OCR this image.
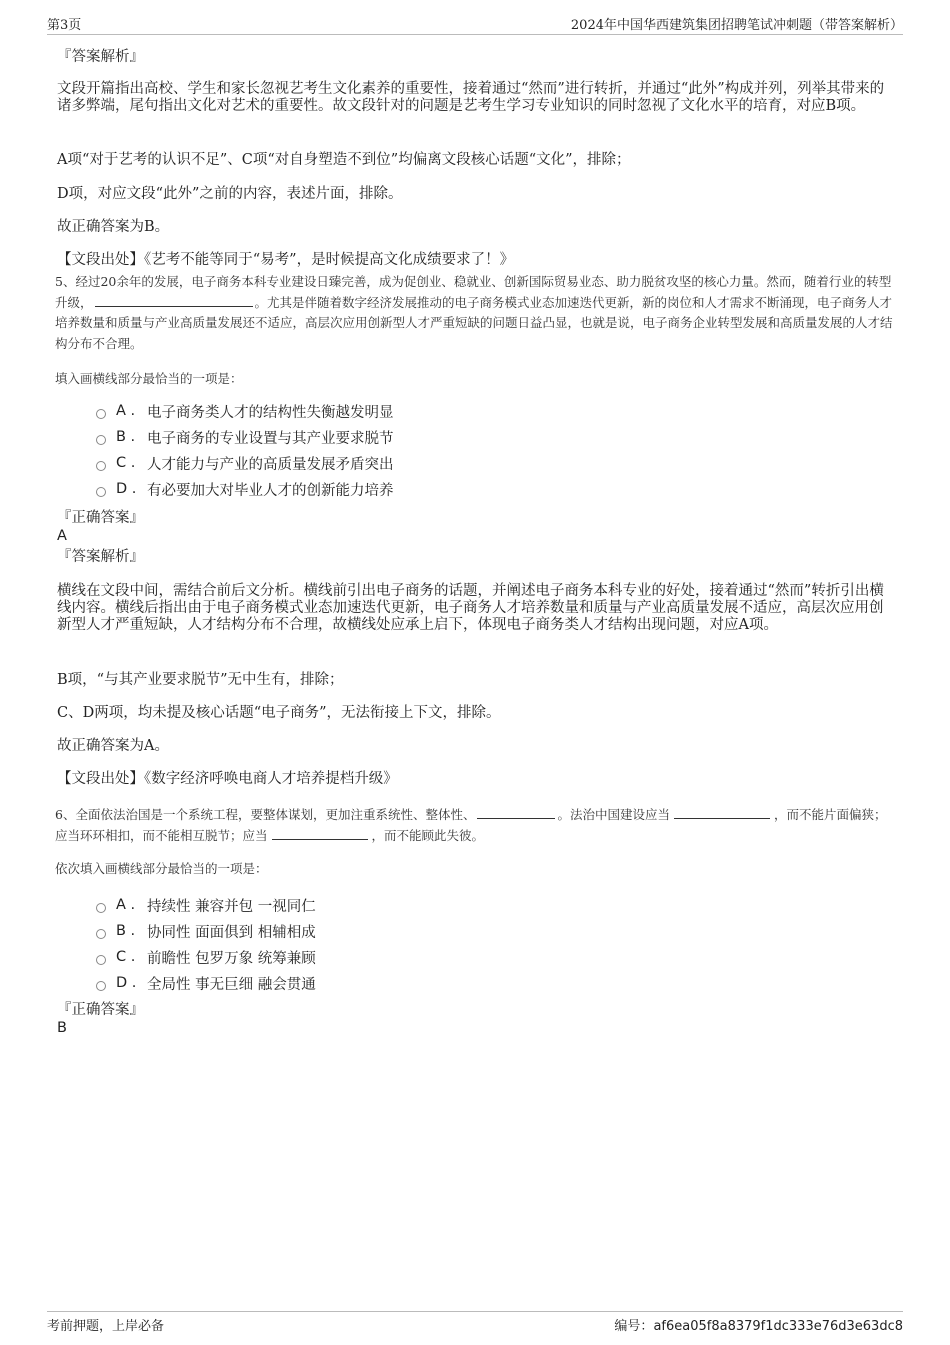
第3页	2024年中国华西建筑集团招聘笔试冲刺题（带答案解析）
『答案解析』
文段开篇指出高校、学生和家长忽视艺考生文化素养的重要性，接着通过“然而”进行转折，并通过“此外”构成并列，列举其带来的诸多弊端，尾句指出文化对艺术的重要性。故文段针对的问题是艺考生学习专业知识的同时忽视了文化水平的培育，对应B项。
A项“对于艺考的认识不足”、C项“对自身塑造不到位”均偏离文段核心话题“文化”，排除；
D项，对应文段“此外”之前的内容，表述片面，排除。
故正确答案为B。
【文段出处】《艺考不能等同于“易考”，是时候提高文化成绩要求了！》
5、经过20余年的发展，电子商务本科专业建设日臻完善，成为促创业、稳就业、创新国际贸易业态、助力脱贫攻坚的核心力量。然而，随着行业的转型升级，	。尤其是伴随着数字经济发展推动的电子商务模式业态加速迭代更新，新的岗位和人才需求不断涌现，电子商务人才培养数量和质量与产业高质量发展还不适应，高层次应用创新型人才严重短缺的问题日益凸显，也就是说，电子商务企业转型发展和高质量发展的人才结构分布不合理。
填入画横线部分最恰当的一项是：
A . 电子商务类人才的结构性失衡越发明显
B . 电子商务的专业设置与其产业要求脱节
C . 人才能力与产业的高质量发展矛盾突出
D . 有必要加大对毕业人才的创新能力培养
『正确答案』
A
『答案解析』
横线在文段中间，需结合前后文分析。横线前引出电子商务的话题，并阐述电子商务本科专业的好处，接着通过“然而”转折引出横线内容。横线后指出由于电子商务模式业态加速迭代更新，电子商务人才培养数量和质量与产业高质量发展不适应，高层次应用创新型人才严重短缺，人才结构分布不合理，故横线处应承上启下，体现电子商务类人才结构出现问题，对应A项。
B项，“与其产业要求脱节”无中生有，排除；
C、D两项，均未提及核心话题“电子商务”，无法衔接上下文，排除。
故正确答案为A。
【文段出处】《数字经济呼唤电商人才培养提档升级》
6、全面依法治国是一个系统工程，要整体谋划，更加注重系统性、整体性、	。法治中国建设应当	，而不能片面偏狭；应当环环相扣，而不能相互脱节；应当	，而不能顾此失彼。
依次填入画横线部分最恰当的一项是：
A . 持续性 兼容并包 一视同仁
B . 协同性 面面俱到 相辅相成
C . 前瞻性 包罗万象 统筹兼顾
D . 全局性 事无巨细 融会贯通
『正确答案』
B
考前押题，上岸必备	编号：af6ea05f8a8379f1dc333e76d3e63dc8
